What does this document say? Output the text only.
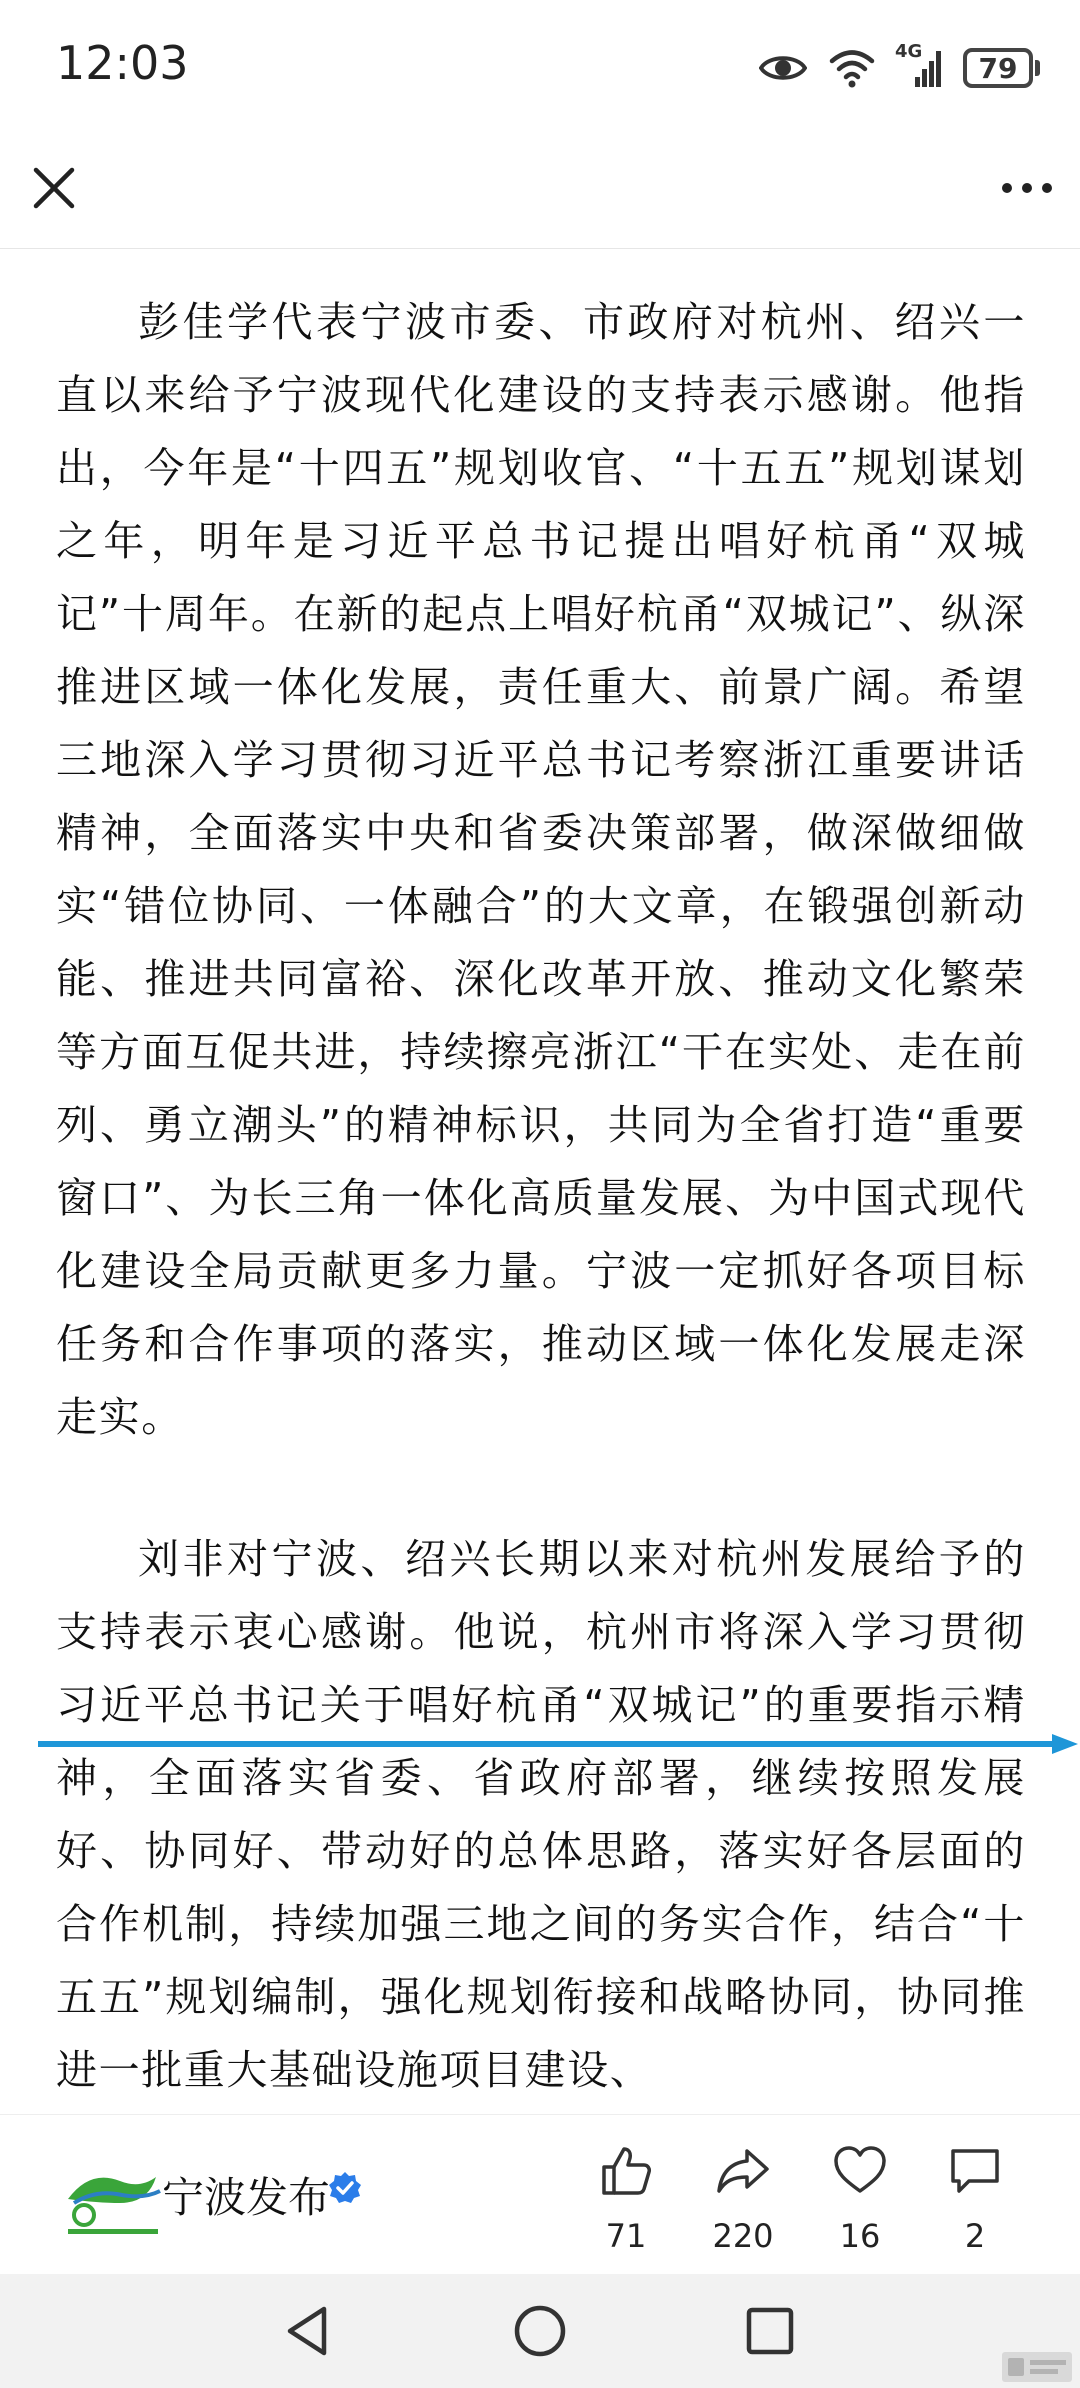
12:03	4G 79

彭佳学代表宁波市委、市政府对杭州、绍兴一直以来给予宁波现代化建设的支持表示感谢。他指出，今年是“十四五”规划收官、“十五五”规划谋划之年，明年是习近平总书记提出唱好杭甬“双城记”十周年。在新的起点上唱好杭甬“双城记”、纵深推进区域一体化发展，责任重大、前景广阔。希望三地深入学习贯彻习近平总书记考察浙江重要讲话精神，全面落实中央和省委决策部署，做深做细做实“错位协同、一体融合”的大文章，在锻强创新动能、推进共同富裕、深化改革开放、推动文化繁荣等方面互促共进，持续擦亮浙江“干在实处、走在前列、勇立潮头”的精神标识，共同为全省打造“重要窗口”、为长三角一体化高质量发展、为中国式现代化建设全局贡献更多力量。宁波一定抓好各项目标任务和合作事项的落实，推动区域一体化发展走深走实。

刘非对宁波、绍兴长期以来对杭州发展给予的支持表示衷心感谢。他说，杭州市将深入学习贯彻习近平总书记关于唱好杭甬“双城记”的重要指示精神，全面落实省委、省政府部署，继续按照发展好、协同好、带动好的总体思路，落实好各层面的合作机制，持续加强三地之间的务实合作，结合“十五五”规划编制，强化规划衔接和战略协同，协同推进一批重大基础设施项目建设、

宁波发布
71	220	16	2
